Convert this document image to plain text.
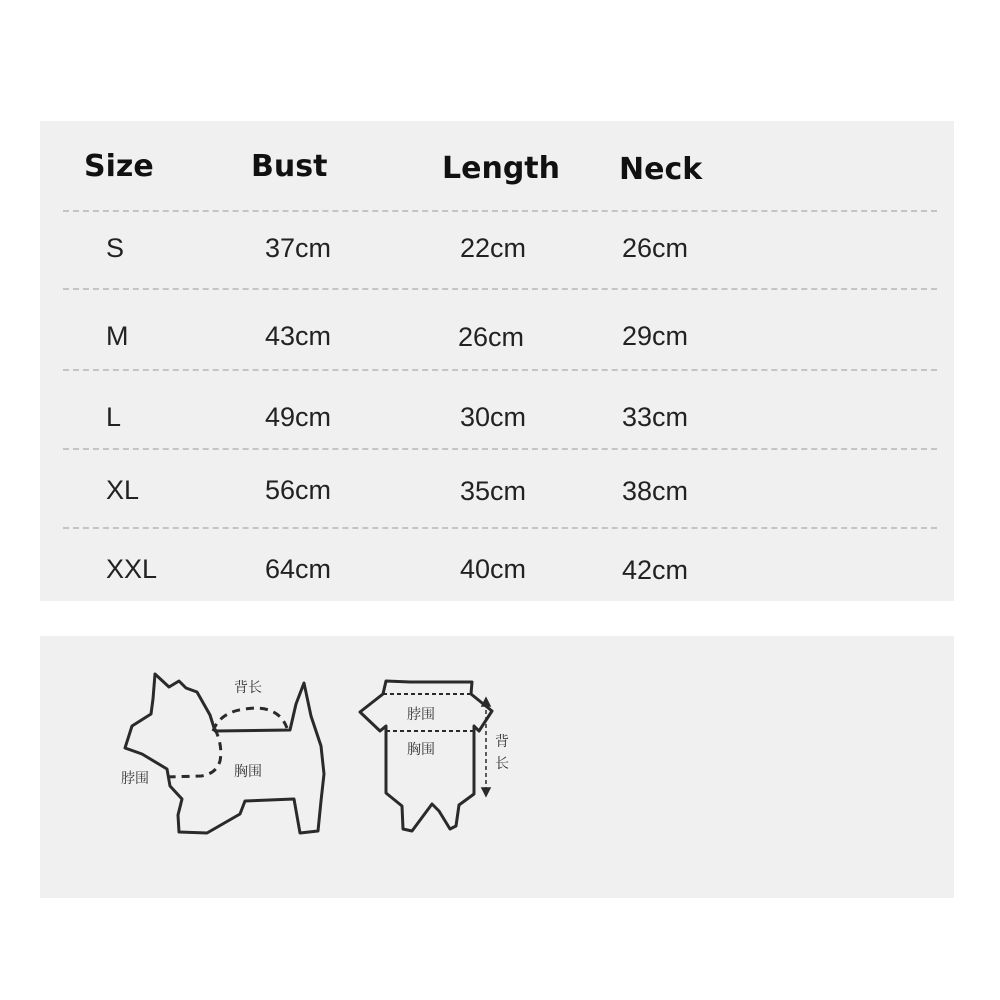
Size	Bust	Length Neck
S	37cm	22cm	26cm
M	43cm	26cm	29cm
L	49cm	30cm	33cm
XL	56cm	35cm	38cm
XXL	64cm	40cm	42cm
背长
脖围	胸围
脖围
胸围	背
长
